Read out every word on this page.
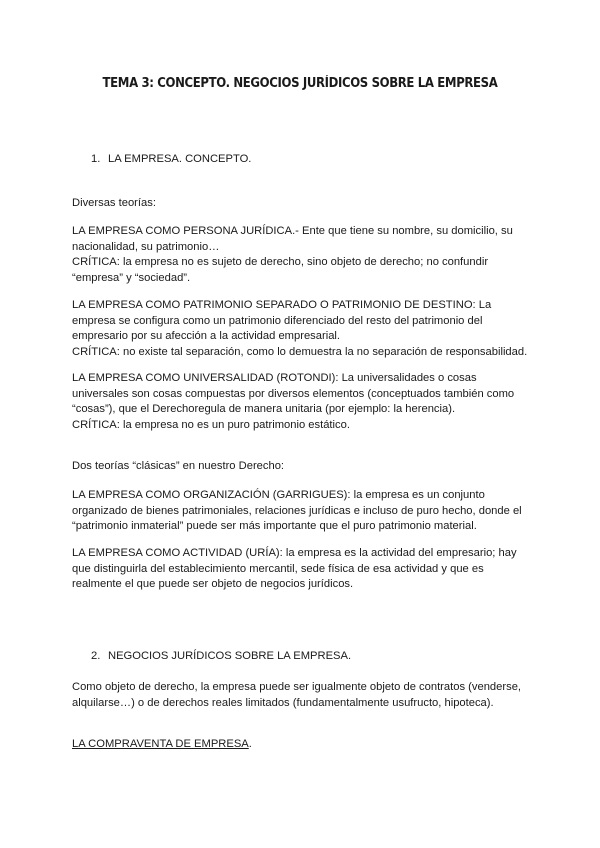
TEMA 3: CONCEPTO. NEGOCIOS JURÍDICOS SOBRE LA EMPRESA
1. LA EMPRESA. CONCEPTO.
Diversas teorías:
LA EMPRESA COMO PERSONA JURÍDICA.- Ente que tiene su nombre, su domicilio, su
nacionalidad, su patrimonio…
CRÍTICA: la empresa no es sujeto de derecho, sino objeto de derecho; no confundir
“empresa” y “sociedad”.
LA EMPRESA COMO PATRIMONIO SEPARADO O PATRIMONIO DE DESTINO: La
empresa se configura como un patrimonio diferenciado del resto del patrimonio del
empresario por su afección a la actividad empresarial.
CRÍTICA: no existe tal separación, como lo demuestra la no separación de responsabilidad.
LA EMPRESA COMO UNIVERSALIDAD (ROTONDI): La universalidades o cosas
universales son cosas compuestas por diversos elementos (conceptuados también como
“cosas”), que el Derechoregula de manera unitaria (por ejemplo: la herencia).
CRÍTICA: la empresa no es un puro patrimonio estático.
Dos teorías “clásicas” en nuestro Derecho:
LA EMPRESA COMO ORGANIZACIÓN (GARRIGUES): la empresa es un conjunto
organizado de bienes patrimoniales, relaciones jurídicas e incluso de puro hecho, donde el
“patrimonio inmaterial” puede ser más importante que el puro patrimonio material.
LA EMPRESA COMO ACTIVIDAD (URÍA): la empresa es la actividad del empresario; hay
que distinguirla del establecimiento mercantil, sede física de esa actividad y que es
realmente el que puede ser objeto de negocios jurídicos.
2. NEGOCIOS JURÍDICOS SOBRE LA EMPRESA.
Como objeto de derecho, la empresa puede ser igualmente objeto de contratos (venderse,
alquilarse…) o de derechos reales limitados (fundamentalmente usufructo, hipoteca).
LA COMPRAVENTA DE EMPRESA.
